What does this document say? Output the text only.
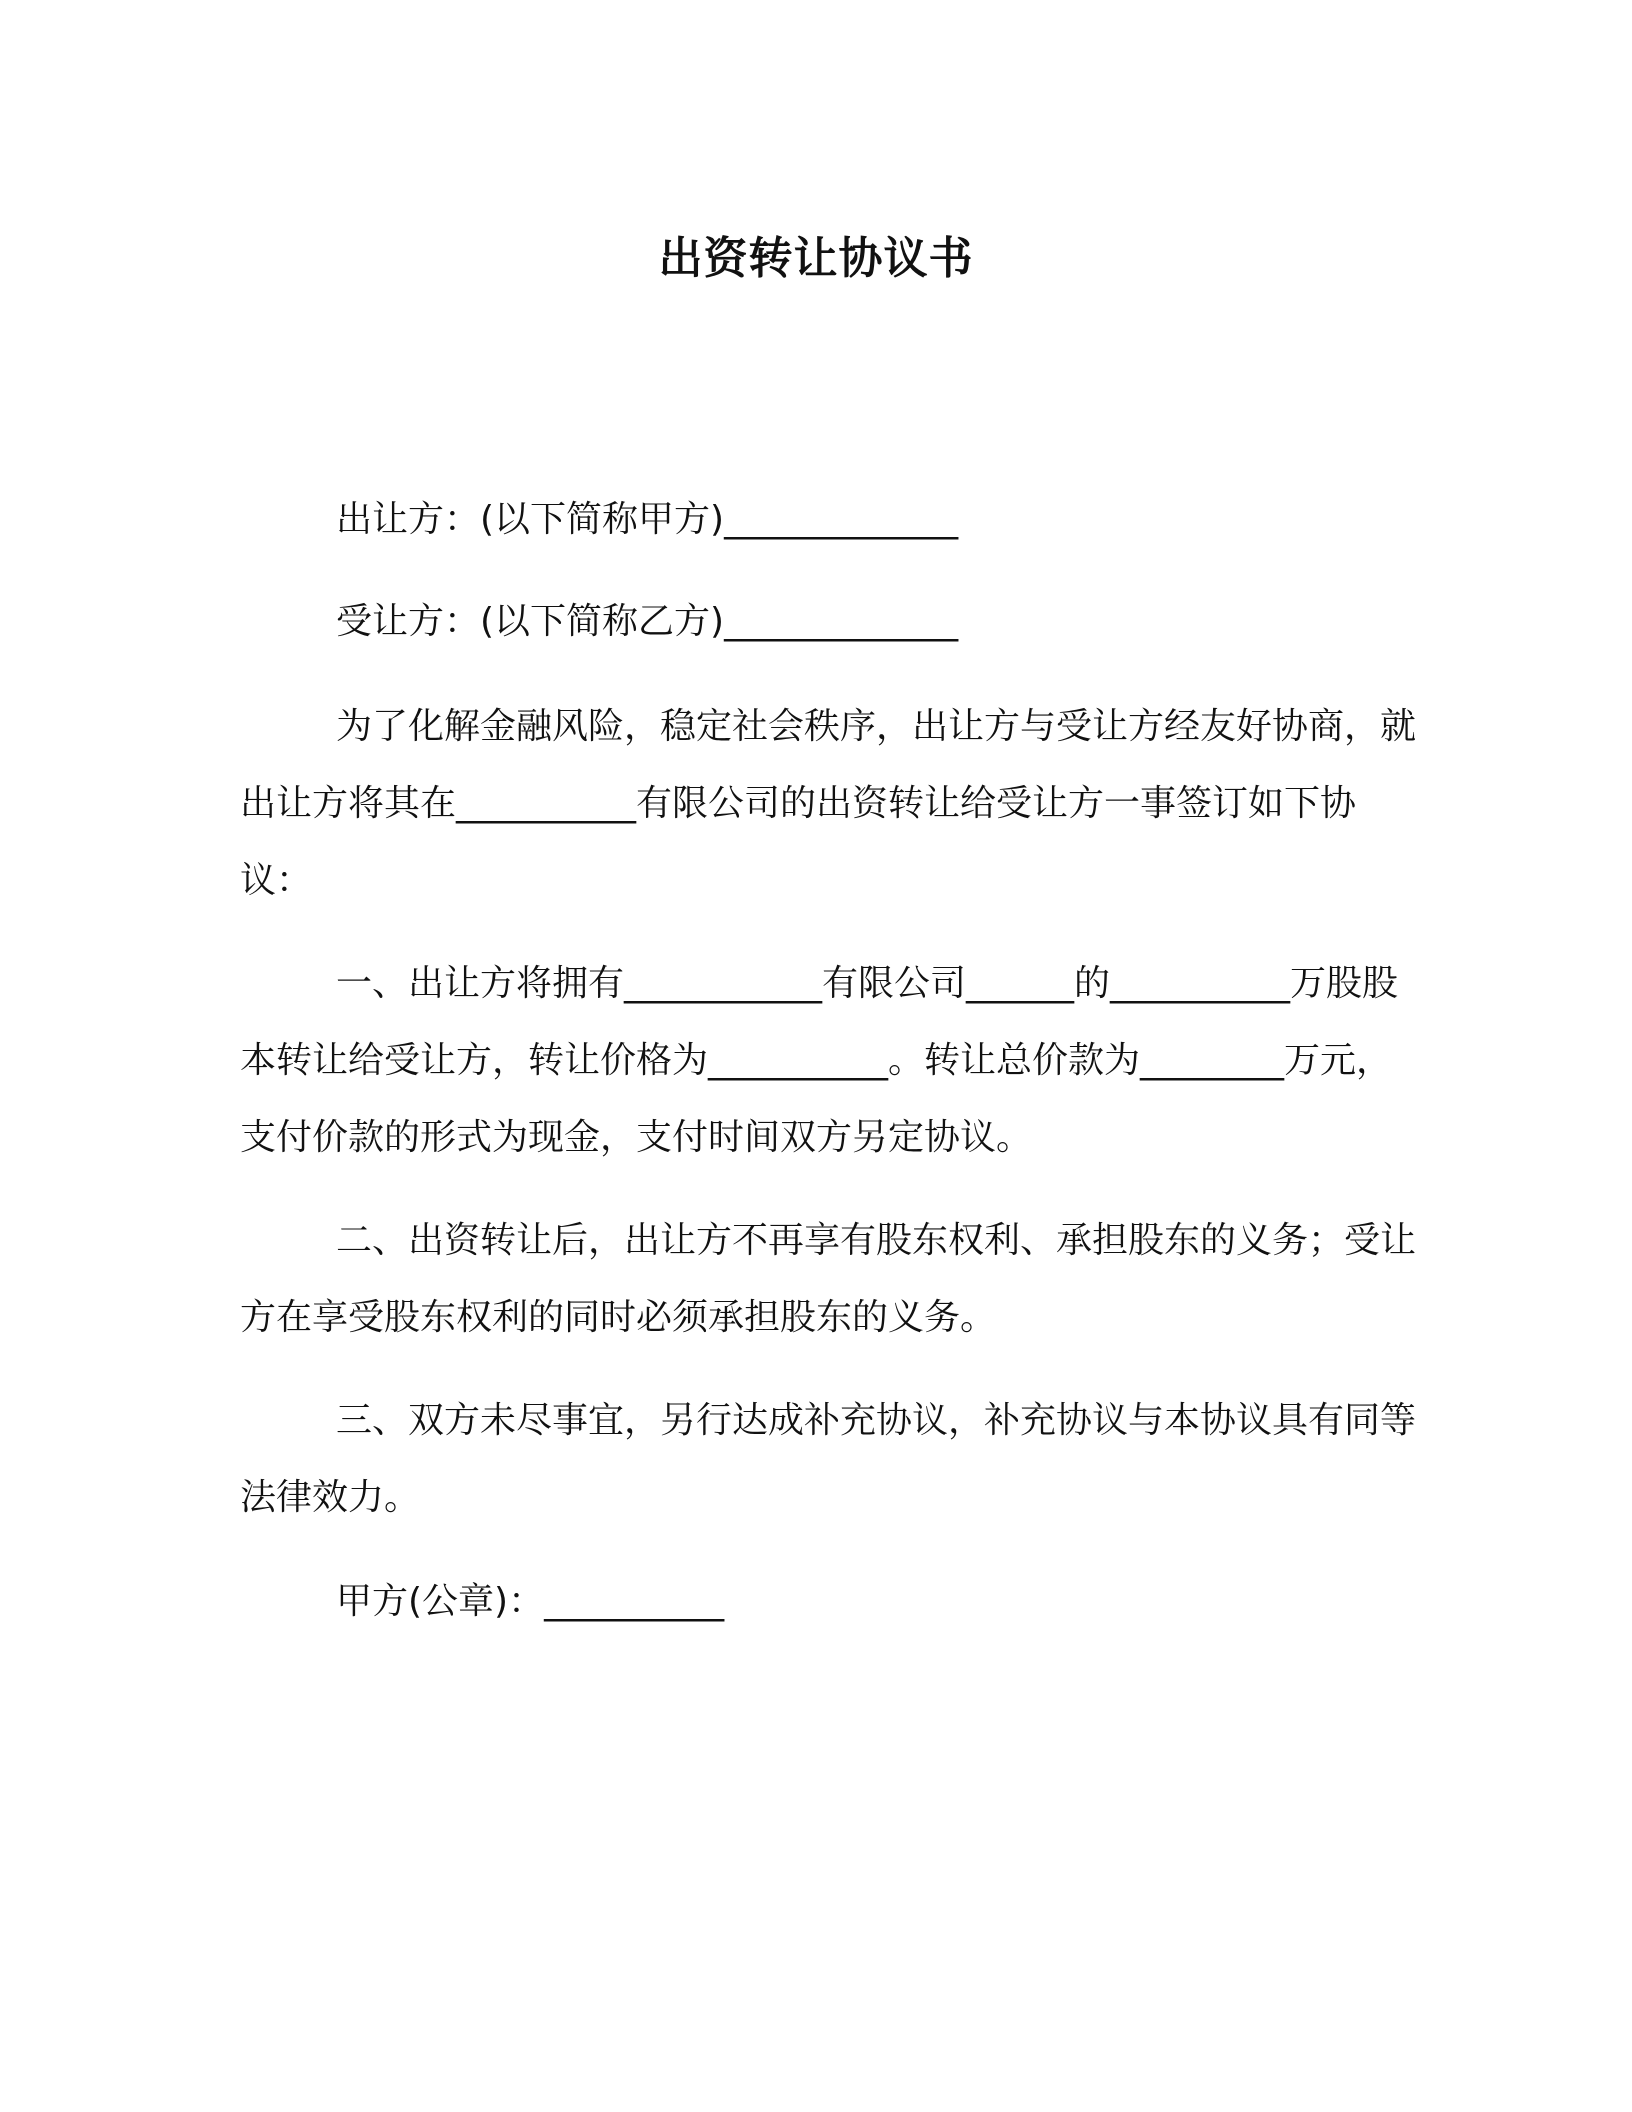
出资转让协议书

出让方：(以下简称甲方)_____________

受让方：(以下简称乙方)_____________

为了化解金融风险，稳定社会秩序，出让方与受让方经友好协商，就出让方将其在__________有限公司的出资转让给受让方一事签订如下协议：

一、出让方将拥有___________有限公司______的__________万股股本转让给受让方，转让价格为__________。转让总价款为________万元，支付价款的形式为现金，支付时间双方另定协议。

二、出资转让后，出让方不再享有股东权利、承担股东的义务；受让方在享受股东权利的同时必须承担股东的义务。

三、双方未尽事宜，另行达成补充协议，补充协议与本协议具有同等法律效力。

甲方(公章)：__________
